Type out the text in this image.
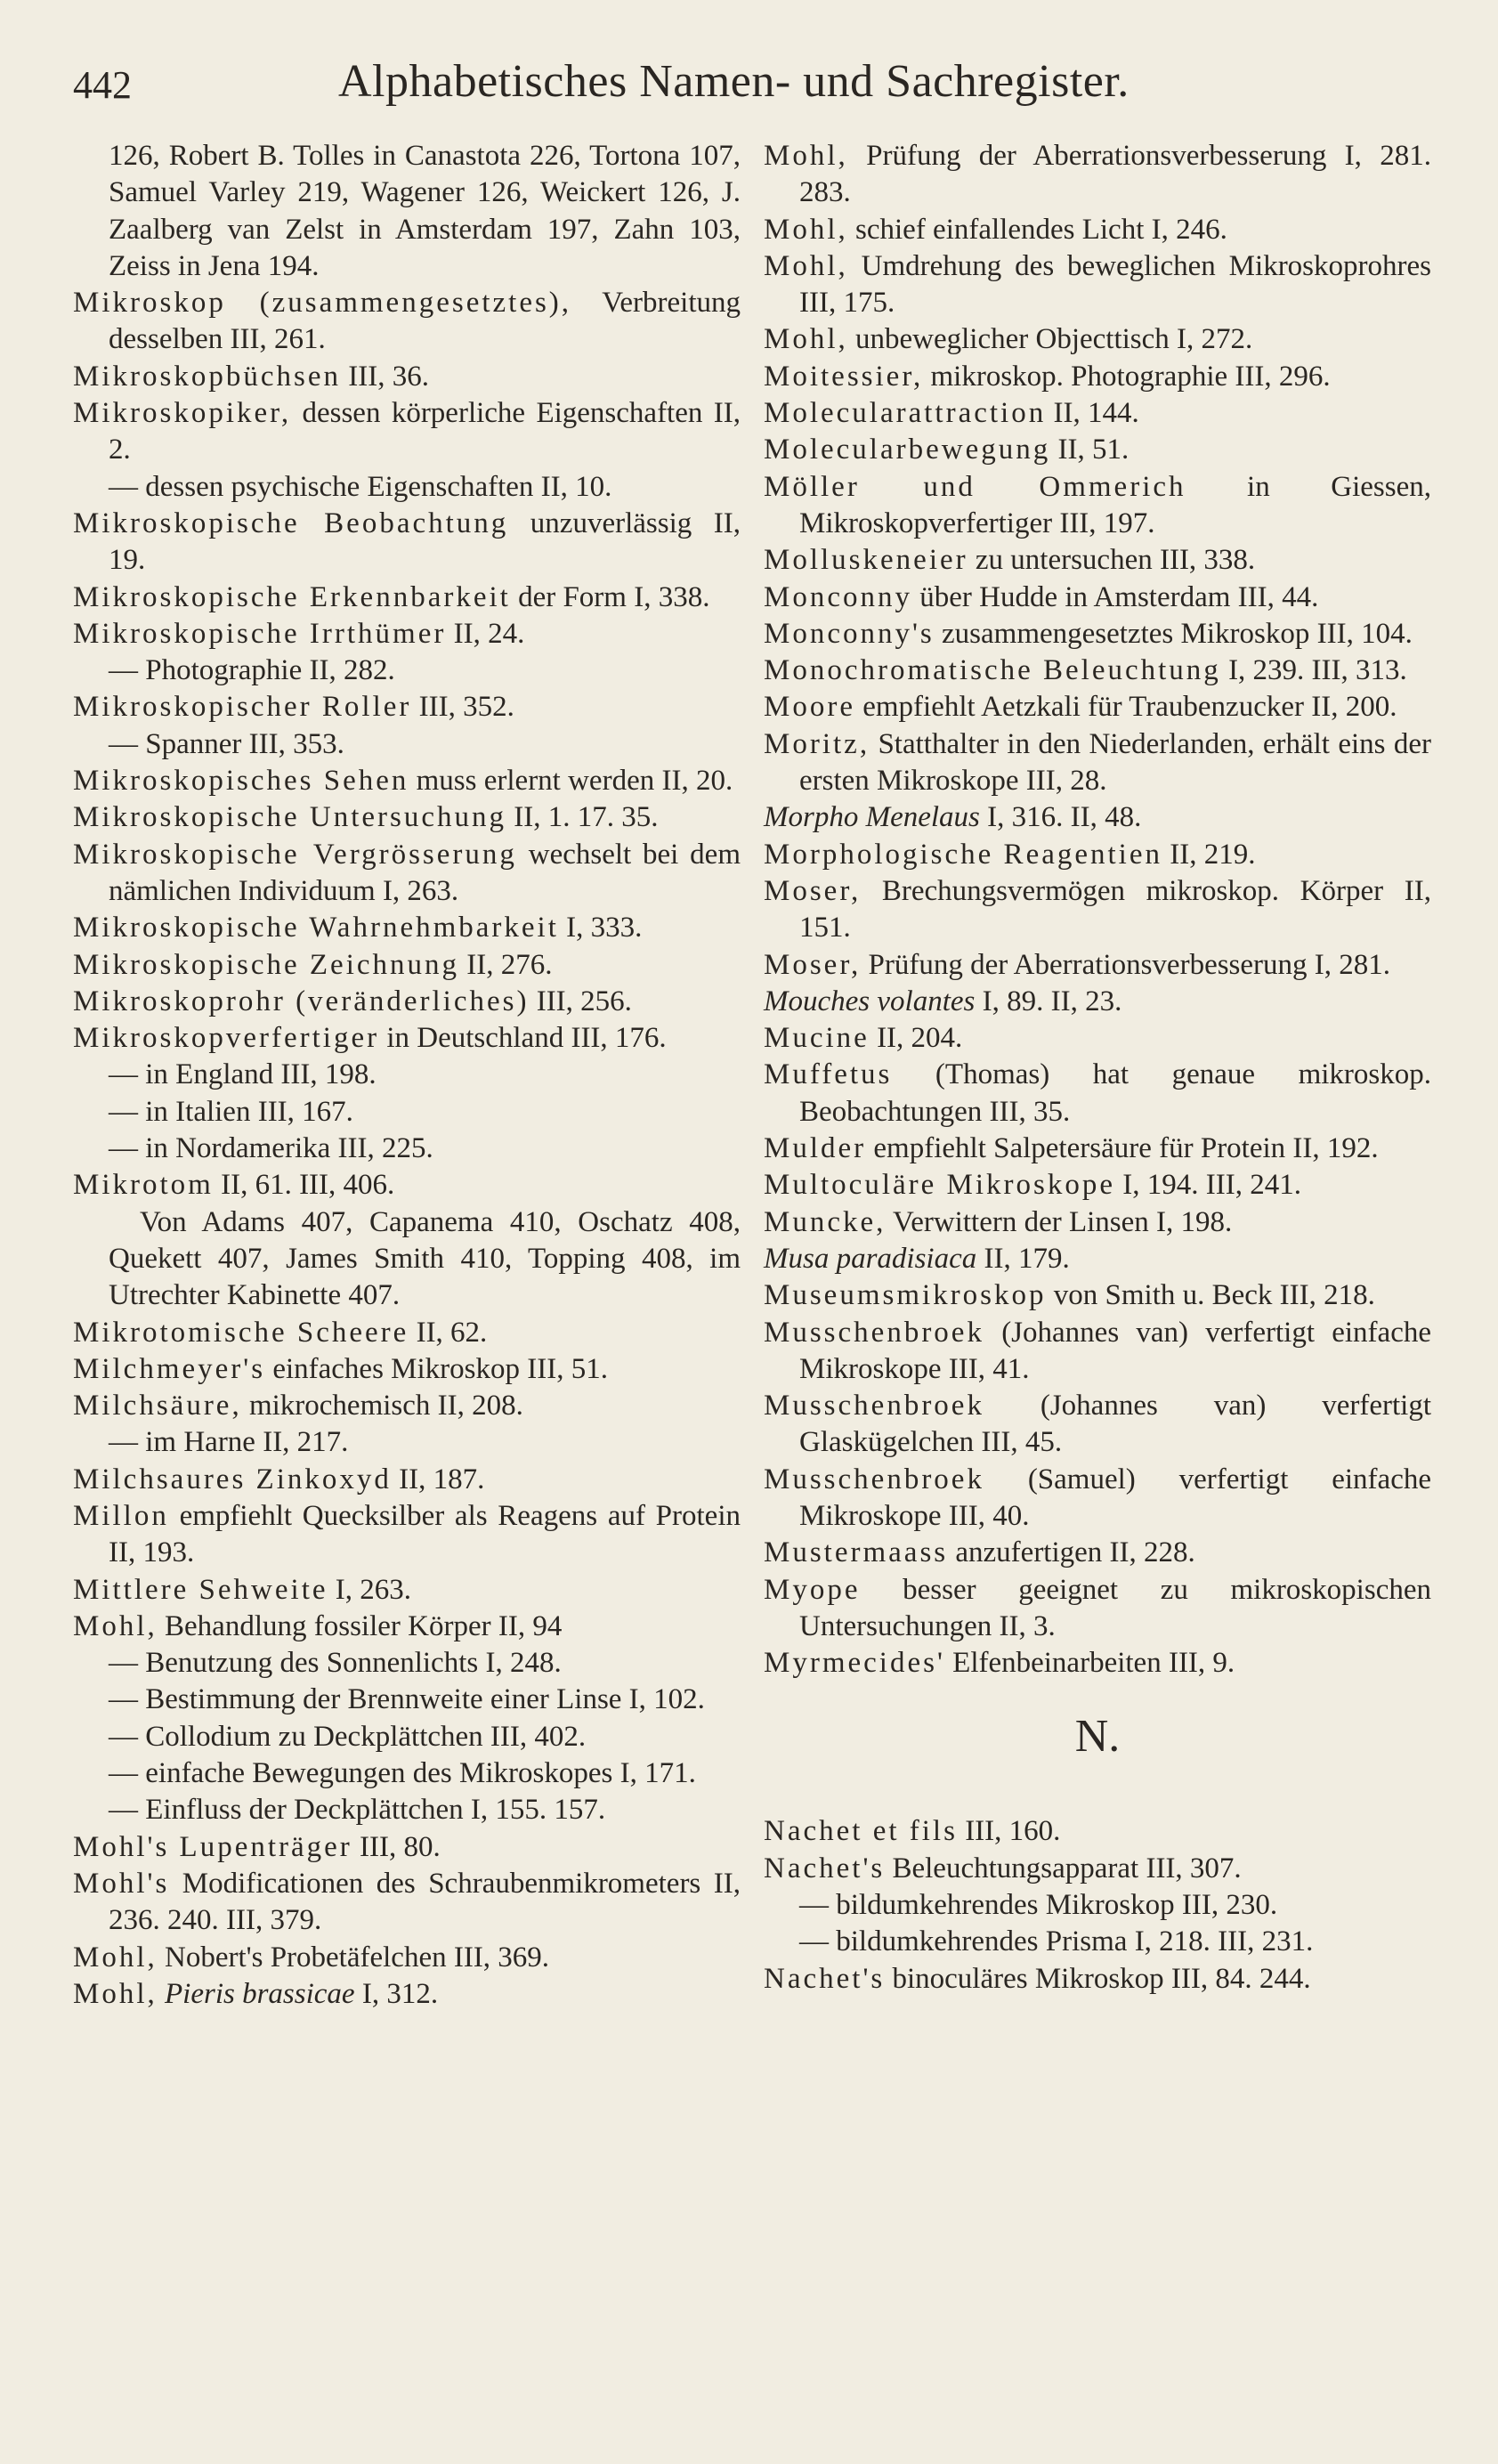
442	Alphabetisches Namen- und Sachregister.
126, Robert B. Tolles in Canastota 226, Tortona 107, Samuel Varley 219, Wagener 126, Weickert 126, J. Zaalberg van Zelst in Amsterdam 197, Zahn 103, Zeiss in Jena 194.
Mikroskop (zusammengesetztes), Verbreitung desselben III, 261.
Mikroskopbüchsen III, 36.
Mikroskopiker, dessen körperliche Eigenschaften II, 2.
— dessen psychische Eigenschaften II, 10.
Mikroskopische Beobachtung unzuverlässig II, 19.
Mikroskopische Erkennbarkeit der Form I, 338.
Mikroskopische Irrthümer II, 24.
— Photographie II, 282.
Mikroskopischer Roller III, 352.
— Spanner III, 353.
Mikroskopisches Sehen muss erlernt werden II, 20.
Mikroskopische Untersuchung II, 1. 17. 35.
Mikroskopische Vergrösserung wechselt bei dem nämlichen Individuum I, 263.
Mikroskopische Wahrnehmbarkeit I, 333.
Mikroskopische Zeichnung II, 276.
Mikroskoprohr (veränderliches) III, 256.
Mikroskopverfertiger in Deutschland III, 176.
— in England III, 198.
— in Italien III, 167.
— in Nordamerika III, 225.
Mikrotom II, 61. III, 406.
Von Adams 407, Capanema 410, Oschatz 408, Quekett 407, James Smith 410, Topping 408, im Utrechter Kabinette 407.
Mikrotomische Scheere II, 62.
Milchmeyer's einfaches Mikroskop III, 51.
Milchsäure, mikrochemisch II, 208.
— im Harne II, 217.
Milchsaures Zinkoxyd II, 187.
Millon empfiehlt Quecksilber als Reagens auf Protein II, 193.
Mittlere Sehweite I, 263.
Mohl, Behandlung fossiler Körper II, 94
— Benutzung des Sonnenlichts I, 248.
— Bestimmung der Brennweite einer Linse I, 102.
— Collodium zu Deckplättchen III, 402.
— einfache Bewegungen des Mikroskopes I, 171.
— Einfluss der Deckplättchen I, 155. 157.
Mohl's Lupenträger III, 80.
Mohl's Modificationen des Schraubenmikrometers II, 236. 240. III, 379.
Mohl, Nobert's Probetäfelchen III, 369.
Mohl, Pieris brassicae I, 312.
Mohl, Prüfung der Aberrationsverbesserung I, 281. 283.
Mohl, schief einfallendes Licht I, 246.
Mohl, Umdrehung des beweglichen Mikroskoprohres III, 175.
Mohl, unbeweglicher Objecttisch I, 272.
Moitessier, mikroskop. Photographie III, 296.
Molecularattraction II, 144.
Molecularbewegung II, 51.
Möller und Ommerich in Giessen, Mikroskopverfertiger III, 197.
Molluskeneier zu untersuchen III, 338.
Monconny über Hudde in Amsterdam III, 44.
Monconny's zusammengesetztes Mikroskop III, 104.
Monochromatische Beleuchtung I, 239. III, 313.
Moore empfiehlt Aetzkali für Traubenzucker II, 200.
Moritz, Statthalter in den Niederlanden, erhält eins der ersten Mikroskope III, 28.
Morpho Menelaus I, 316. II, 48.
Morphologische Reagentien II, 219.
Moser, Brechungsvermögen mikroskop. Körper II, 151.
Moser, Prüfung der Aberrationsverbesserung I, 281.
Mouches volantes I, 89. II, 23.
Mucine II, 204.
Muffetus (Thomas) hat genaue mikroskop. Beobachtungen III, 35.
Mulder empfiehlt Salpetersäure für Protein II, 192.
Multoculäre Mikroskope I, 194. III, 241.
Muncke, Verwittern der Linsen I, 198.
Musa paradisiaca II, 179.
Museumsmikroskop von Smith u. Beck III, 218.
Musschenbroek (Johannes van) verfertigt einfache Mikroskope III, 41.
Musschenbroek (Johannes van) verfertigt Glaskügelchen III, 45.
Musschenbroek (Samuel) verfertigt einfache Mikroskope III, 40.
Mustermaass anzufertigen II, 228.
Myope besser geeignet zu mikroskopischen Untersuchungen II, 3.
Myrmecides' Elfenbeinarbeiten III, 9.
N.
Nachet et fils III, 160.
Nachet's Beleuchtungsapparat III, 307.
— bildumkehrendes Mikroskop III, 230.
— bildumkehrendes Prisma I, 218. III, 231.
Nachet's binoculäres Mikroskop III, 84. 244.
